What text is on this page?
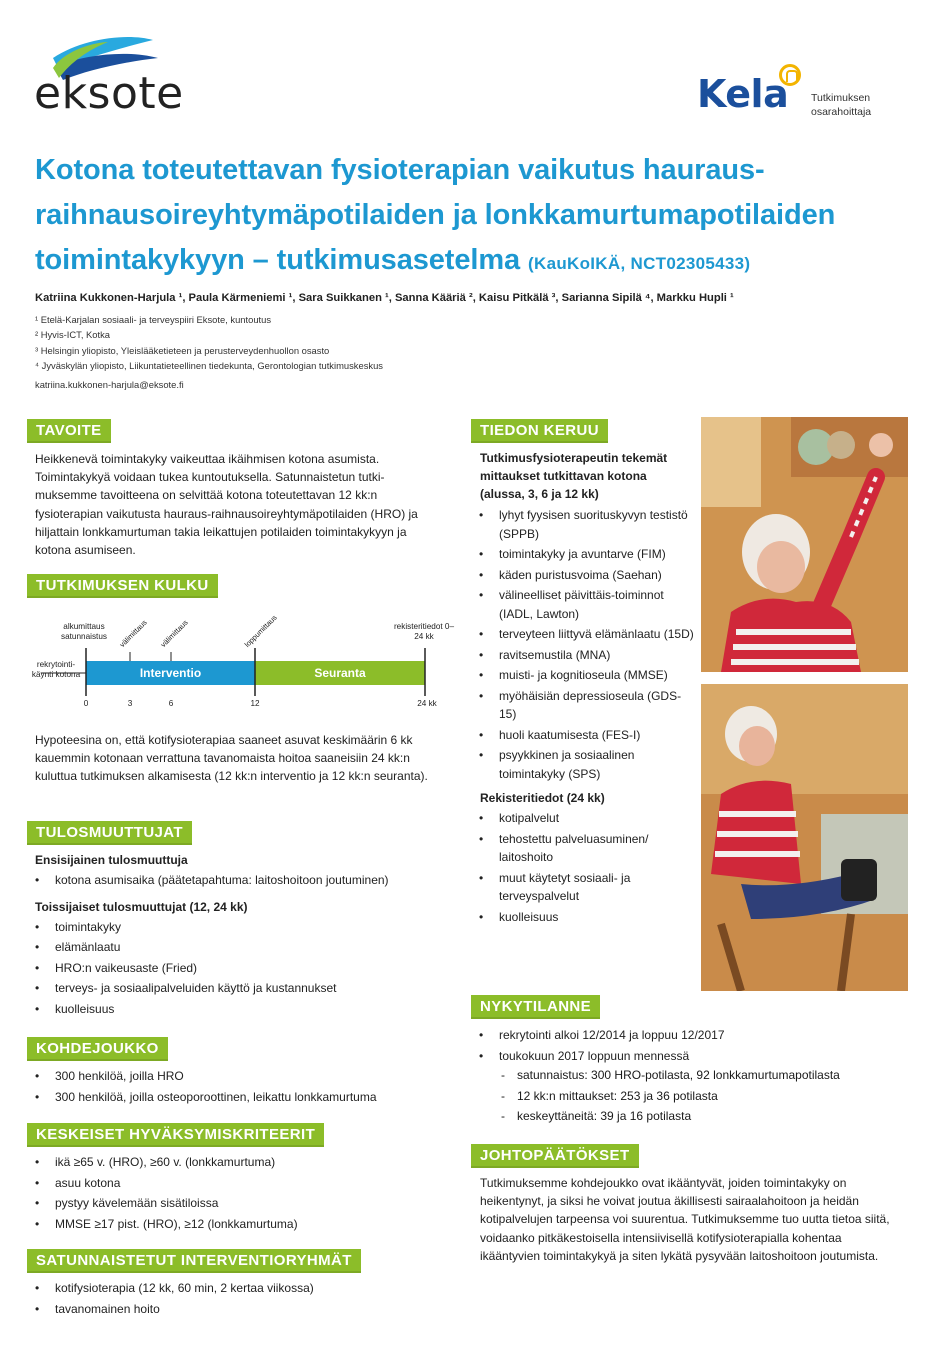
eksote	Kela Tutkimuksen
osarahoittaja
Kotona toteutettavan fysioterapian vaikutus hauraus-
raihnausoireyhtymäpotilaiden ja lonkkamurtumapotilaiden
toimintakykyyn – tutkimusasetelma (KauKoIKÄ, NCT02305433)
Katriina Kukkonen-Harjula ¹, Paula Kärmeniemi ¹, Sara Suikkanen ¹, Sanna Kääriä ², Kaisu Pitkälä ³, Sarianna Sipilä ⁴, Markku Hupli ¹
¹ Etelä-Karjalan sosiaali- ja terveyspiiri Eksote, kuntoutus
² Hyvis-ICT, Kotka
³ Helsingin yliopisto, Yleislääketieteen ja perusterveydenhuollon osasto
⁴ Jyväskylän yliopisto, Liikuntatieteellinen tiedekunta, Gerontologian tutkimuskeskus
katriina.kukkonen-harjula@eksote.fi
TAVOITE
Heikkenevä toimintakyky vaikeuttaa ikäihmisen kotona asumista. Toimintakykyä voidaan tukea kuntoutuksella. Satunnaistetun tutki-muksemme tavoitteena on selvittää kotona toteutettavan 12 kk:n fysioterapian vaikutusta hauraus-raihnausoireyhtymäpotilaiden (HRO) ja hiljattain lonkkamurtuman takia leikattujen potilaiden toimintakykyyn ja kotona asumiseen.
TUTKIMUKSEN KULKU
alkumittaus satunnaistus
rekrytointi-käynti kotona
välimittaus välimittaus	loppumittaus	rekisteritiedot 0–24 kk
Interventio	Seuranta
0	3	6	12	24 kk
Hypoteesina on, että kotifysioterapiaa saaneet asuvat keskimäärin 6 kk kauemmin kotonaan verrattuna tavanomaista hoitoa saaneisiin 24 kk:n kuluttua tutkimuksen alkamisesta (12 kk:n interventio ja 12 kk:n seuranta).
TULOSMUUTTUJAT
Ensisijainen tulosmuuttuja
• kotona asumisaika (päätetapahtuma: laitoshoitoon joutuminen)
Toissijaiset tulosmuuttujat (12, 24 kk)
• toimintakyky
• elämänlaatu
• HRO:n vaikeusaste (Fried)
• terveys- ja sosiaalipalveluiden käyttö ja kustannukset
• kuolleisuus
KOHDEJOUKKO
• 300 henkilöä, joilla HRO
• 300 henkilöä, joilla osteoporoottinen, leikattu lonkkamurtuma
KESKEISET HYVÄKSYMISKRITEERIT
• ikä ≥65 v. (HRO), ≥60 v. (lonkkamurtuma)
• asuu kotona
• pystyy kävelemään sisätiloissa
• MMSE ≥17 pist. (HRO), ≥12 (lonkkamurtuma)
SATUNNAISTETUT INTERVENTIORYHMÄT
• kotifysioterapia (12 kk, 60 min, 2 kertaa viikossa)
• tavanomainen hoito
TIEDON KERUU
Tutkimusfysioterapeutin tekemät mittaukset tutkittavan kotona (alussa, 3, 6 ja 12 kk)
• lyhyt fyysisen suorituskyvyn testistö (SPPB)
• toimintakyky ja avuntarve (FIM)
• käden puristusvoima (Saehan)
• välineelliset päivittäis-toiminnot (IADL, Lawton)
• terveyteen liittyvä elämänlaatu (15D)
• ravitsemustila (MNA)
• muisti- ja kognitioseula (MMSE)
• myöhäisiän depressioseula (GDS-15)
• huoli kaatumisesta (FES-I)
• psyykkinen ja sosiaalinen toimintakyky (SPS)
Rekisteritiedot (24 kk)
• kotipalvelut
• tehostettu palveluasuminen/ laitoshoito
• muut käytetyt sosiaali- ja terveyspalvelut
• kuolleisuus
NYKYTILANNE
• rekrytointi alkoi 12/2014 ja loppuu 12/2017
• toukokuun 2017 loppuun mennessä
- satunnaistus: 300 HRO-potilasta, 92 lonkkamurtumapotilasta
- 12 kk:n mittaukset: 253 ja 36 potilasta
- keskeyttäneitä: 39 ja 16 potilasta
JOHTOPÄÄTÖKSET
Tutkimuksemme kohdejoukko ovat ikääntyvät, joiden toimintakyky on heikentynyt, ja siksi he voivat joutua äkillisesti sairaalahoitoon ja heidän kotipalvelujen tarpeensa voi suurentua. Tutkimuksemme tuo uutta tietoa siitä, voidaanko pitkäkestoisella intensiivisellä kotifysioterapialla kohentaa ikääntyvien toimintakykyä ja siten lykätä pysyvään laitoshoitoon joutumista.
